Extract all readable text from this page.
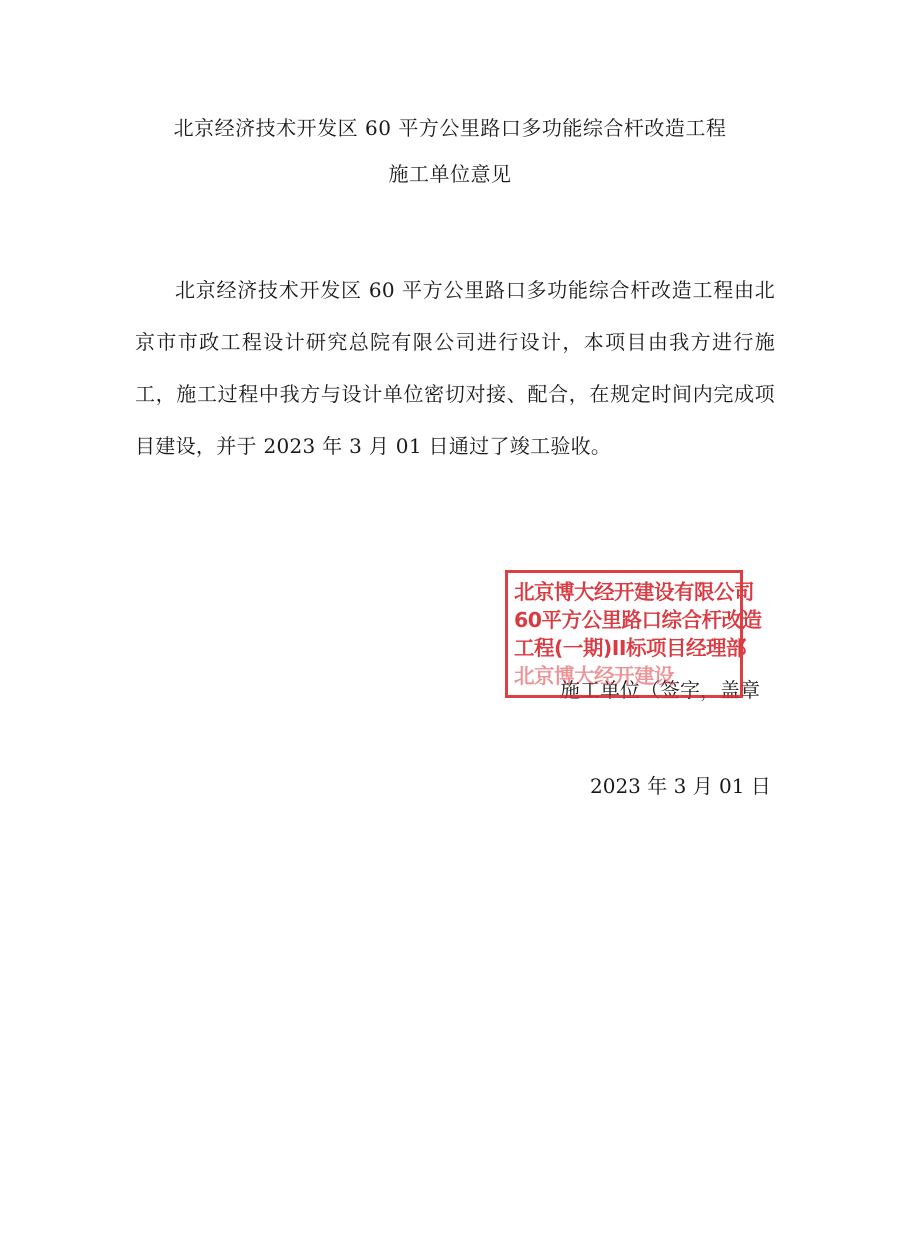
北京经济技术开发区 60 平方公里路口多功能综合杆改造工程
施工单位意见

北京经济技术开发区 60 平方公里路口多功能综合杆改造工程由北京市市政工程设计研究总院有限公司进行设计，本项目由我方进行施工，施工过程中我方与设计单位密切对接、配合，在规定时间内完成项目建设，并于 2023 年 3 月 01 日通过了竣工验收。

施工单位（签字，盖章
北京博大经开建设有限公司
60平方公里路口综合杆改造
工程(一期)II标项目经理部
北京博大经开建设
2023 年 3 月 01 日
